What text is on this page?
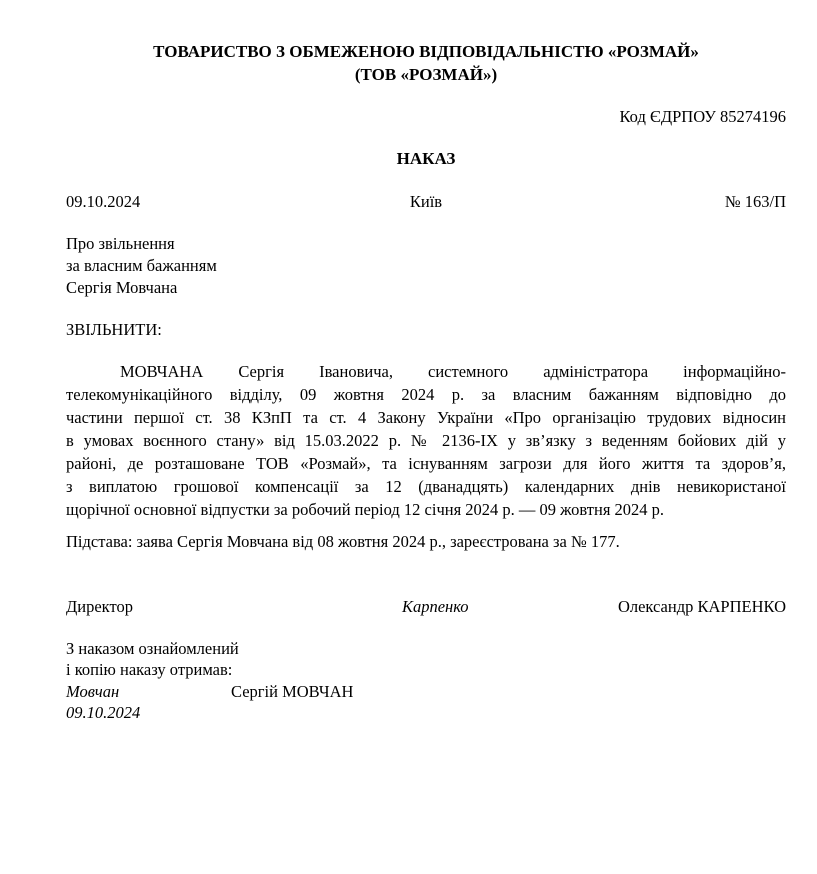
ТОВАРИСТВО З ОБМЕЖЕНОЮ ВІДПОВІДАЛЬНІСТЮ «РОЗМАЙ»
(ТОВ «РОЗМАЙ»)
Код ЄДРПОУ 85274196
НАКАЗ
09.10.2024	Київ	№ 163/П
Про звільнення
за власним бажанням
Сергія Мовчана
ЗВІЛЬНИТИ:
МОВЧАНА Сергія Івановича, системного адміністратора інформаційно-
телекомунікаційного відділу, 09 жовтня 2024 р. за власним бажанням відповідно до
частини першої ст. 38 КЗпП та ст. 4 Закону України «Про організацію трудових відносин
в умовах воєнного стану» від 15.03.2022 р. № 2136-IX у зв’язку з веденням бойових дій у
районі, де розташоване ТОВ «Розмай», та існуванням загрози для його життя та здоров’я,
з виплатою грошової компенсації за 12 (дванадцять) календарних днів невикористаної
щорічної основної відпустки за робочий період 12 січня 2024 р. — 09 жовтня 2024 р.
Підстава: заява Сергія Мовчана від 08 жовтня 2024 р., зареєстрована за № 177.
Директор	Карпенко	Олександр КАРПЕНКО
З наказом ознайомлений
і копію наказу отримав:
Мовчан	Сергій МОВЧАН
09.10.2024
